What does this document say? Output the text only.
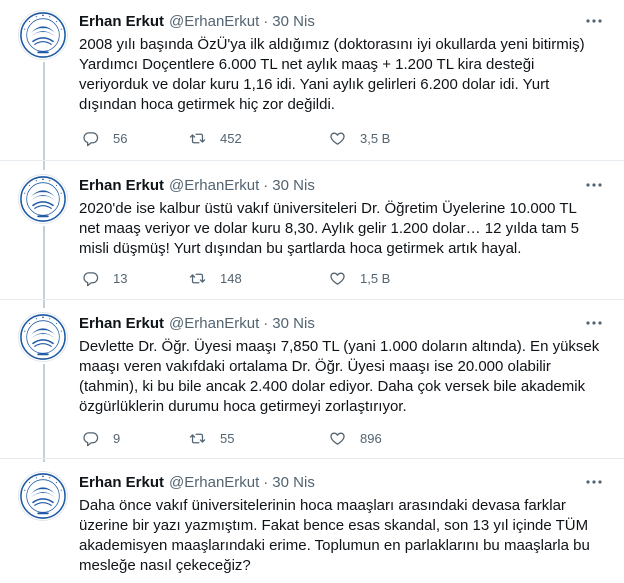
Erhan Erkut @ErhanErkut · 30 Nis
2008 yılı başında ÖzÜ'ya ilk aldığımız (doktorasını iyi okullarda yeni bitirmiş)
Yardımcı Doçentlere 6.000 TL net aylık maaş + 1.200 TL kira desteği
veriyorduk ve dolar kuru 1,16 idi. Yani aylık gelirleri 6.200 dolar idi. Yurt
dışından hoca getirmek hiç zor değildi.
56	452	3,5 B
Erhan Erkut @ErhanErkut · 30 Nis
2020'de ise kalbur üstü vakıf üniversiteleri Dr. Öğretim Üyelerine 10.000 TL
net maaş veriyor ve dolar kuru 8,30. Aylık gelir 1.200 dolar… 12 yılda tam 5
misli düşmüş! Yurt dışından bu şartlarda hoca getirmek artık hayal.
13	148	1,5 B
Erhan Erkut @ErhanErkut · 30 Nis
Devlette Dr. Öğr. Üyesi maaşı 7,850 TL (yani 1.000 doların altında). En yüksek
maaşı veren vakıfdaki ortalama Dr. Öğr. Üyesi maaşı ise 20.000 olabilir
(tahmin), ki bu bile ancak 2.400 dolar ediyor. Daha çok versek bile akademik
özgürlüklerin durumu hoca getirmeyi zorlaştırıyor.
9	55	896
Erhan Erkut @ErhanErkut · 30 Nis
Daha önce vakıf üniversitelerinin hoca maaşları arasındaki devasa farklar
üzerine bir yazı yazmıştım. Fakat bence esas skandal, son 13 yıl içinde TÜM
akademisyen maaşlarındaki erime. Toplumun en parlaklarını bu maaşlarla bu
mesleğe nasıl çekeceğiz?
